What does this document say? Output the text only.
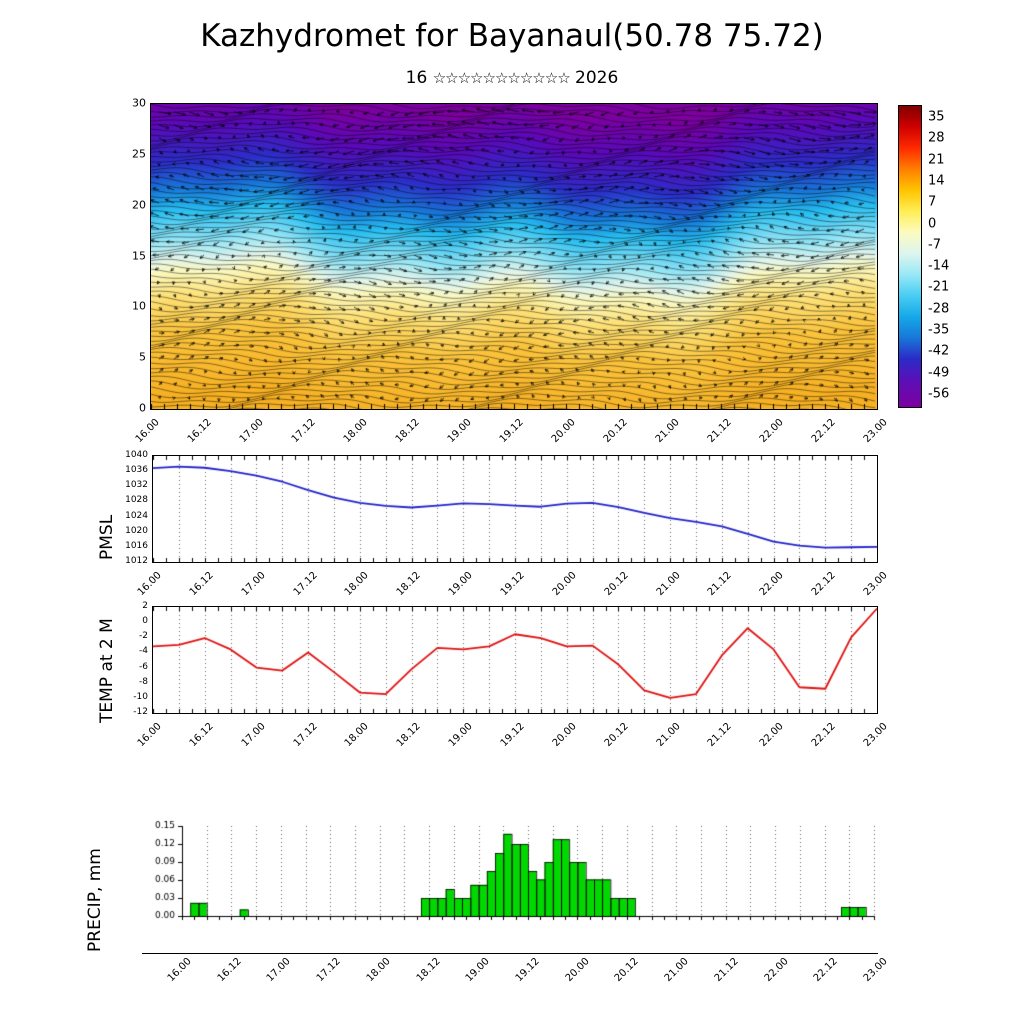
Kazhydromet for Bayanaul(50.78 75.72)
16 ☆☆☆☆☆☆☆☆☆☆☆ 2026
0
5
10
15
20
25
30
16.00	16.12	17.00	17.12	18.00	18.12	19.00	19.12	20.00	20.12	21.00	21.12	22.00	22.12	23.00
35
28
21
14
7
0
-7
-14
-21
-28
-35
-42
-49
-56
PMSL
1012
1016
1020
1024
1028
1032
1036
1040
16.00	16.12	17.00	17.12	18.00	18.12	19.00	19.12	20.00	20.12	21.00	21.12	22.00	22.12	23.00
TEMP at 2 M	-12
-10
-8
-6
-4
-2
0
2
16.00	16.12	17.00	17.12	18.00	18.12	19.00	19.12	20.00	20.12	21.00	21.12	22.00	22.12	23.00
PRECIP, mm
16.00	16.12	17.00	17.12	18.00	18.12	19.00	19.12	20.00	20.12	21.00	21.12	22.00	22.12	23.00
